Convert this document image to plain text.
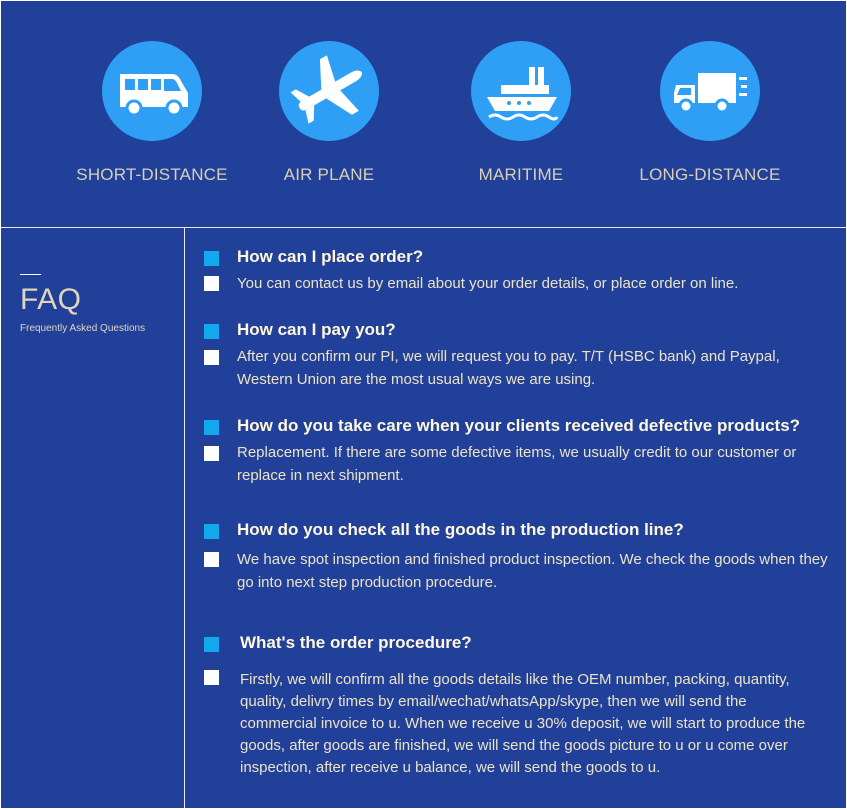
SHORT-DISTANCE	AIR PLANE	MARITIME	LONG-DISTANCE
FAQ
Frequently Asked Questions
How can I place order?
You can contact us by email about your order details, or place order on line.
How can I pay you?
After you confirm our PI, we will request you to pay. T/T (HSBC bank) and Paypal, Western Union are the most usual ways we are using.
How do you take care when your clients received defective products?
Replacement. If there are some defective items, we usually credit to our customer or replace in next shipment.
How do you check all the goods in the production line?
We have spot inspection and finished product inspection. We check the goods when they go into next step production procedure.
What's the order procedure?
Firstly, we will confirm all the goods details like the OEM number, packing, quantity, quality, delivry times by email/wechat/whatsApp/skype, then we will send the commercial invoice to u. When we receive u 30% deposit, we will start to produce the goods, after goods are finished, we will send the goods picture to u or u come over inspection, after receive u balance, we will send the goods to u.
